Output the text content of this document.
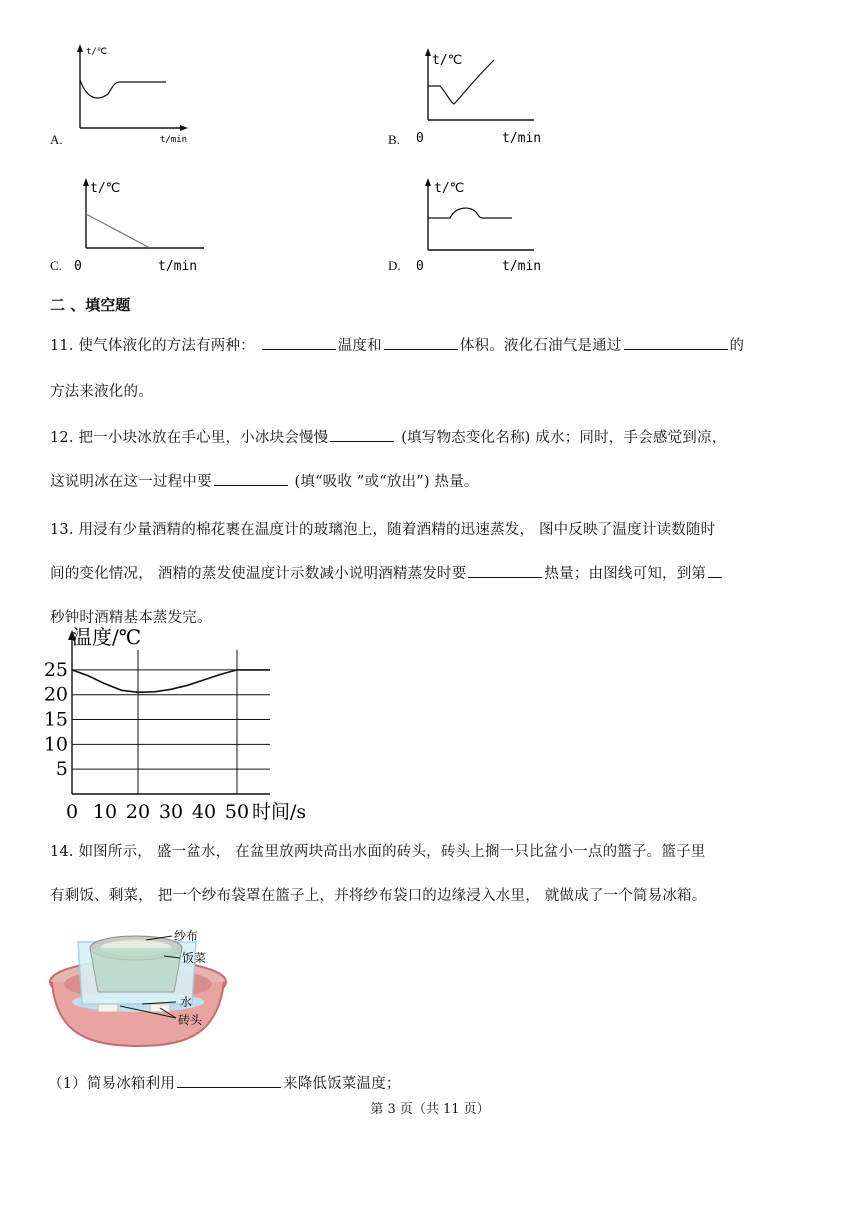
t/℃
t/min
A.
t/℃
0	t/min
B.
t/℃
0	t/min
C.
t/℃
0	t/min
D.
二 、填空题
11. 使气体液化的方法有两种：	温度和	体积。液化石油气是通过	的
方法来液化的。
12. 把一小块冰放在手心里，小冰块会慢慢	(填写物态变化名称) 成水；同时，手会感觉到凉，
这说明冰在这一过程中要	(填“吸收 ”或“放出”) 热量。
13. 用浸有少量酒精的棉花裹在温度计的玻璃泡上，随着酒精的迅速蒸发， 图中反映了温度计读数随时
间的变化情况， 酒精的蒸发使温度计示数减小说明酒精蒸发时要	热量；由图线可知，到第
秒钟时酒精基本蒸发完。
5
10
15
20
25
0 10 20 30 40 50
温度/℃
时间/s
14. 如图所示， 盛一盆水， 在盆里放两块高出水面的砖头，砖头上搁一只比盆小一点的篮子。篮子里
有剩饭、剩菜， 把一个纱布袋罩在篮子上，并将纱布袋口的边缘浸入水里， 就做成了一个简易冰箱。
纱布
饭菜
水
砖头
（1）简易冰箱利用	来降低饭菜温度；
第 3 页（共 11 页）
